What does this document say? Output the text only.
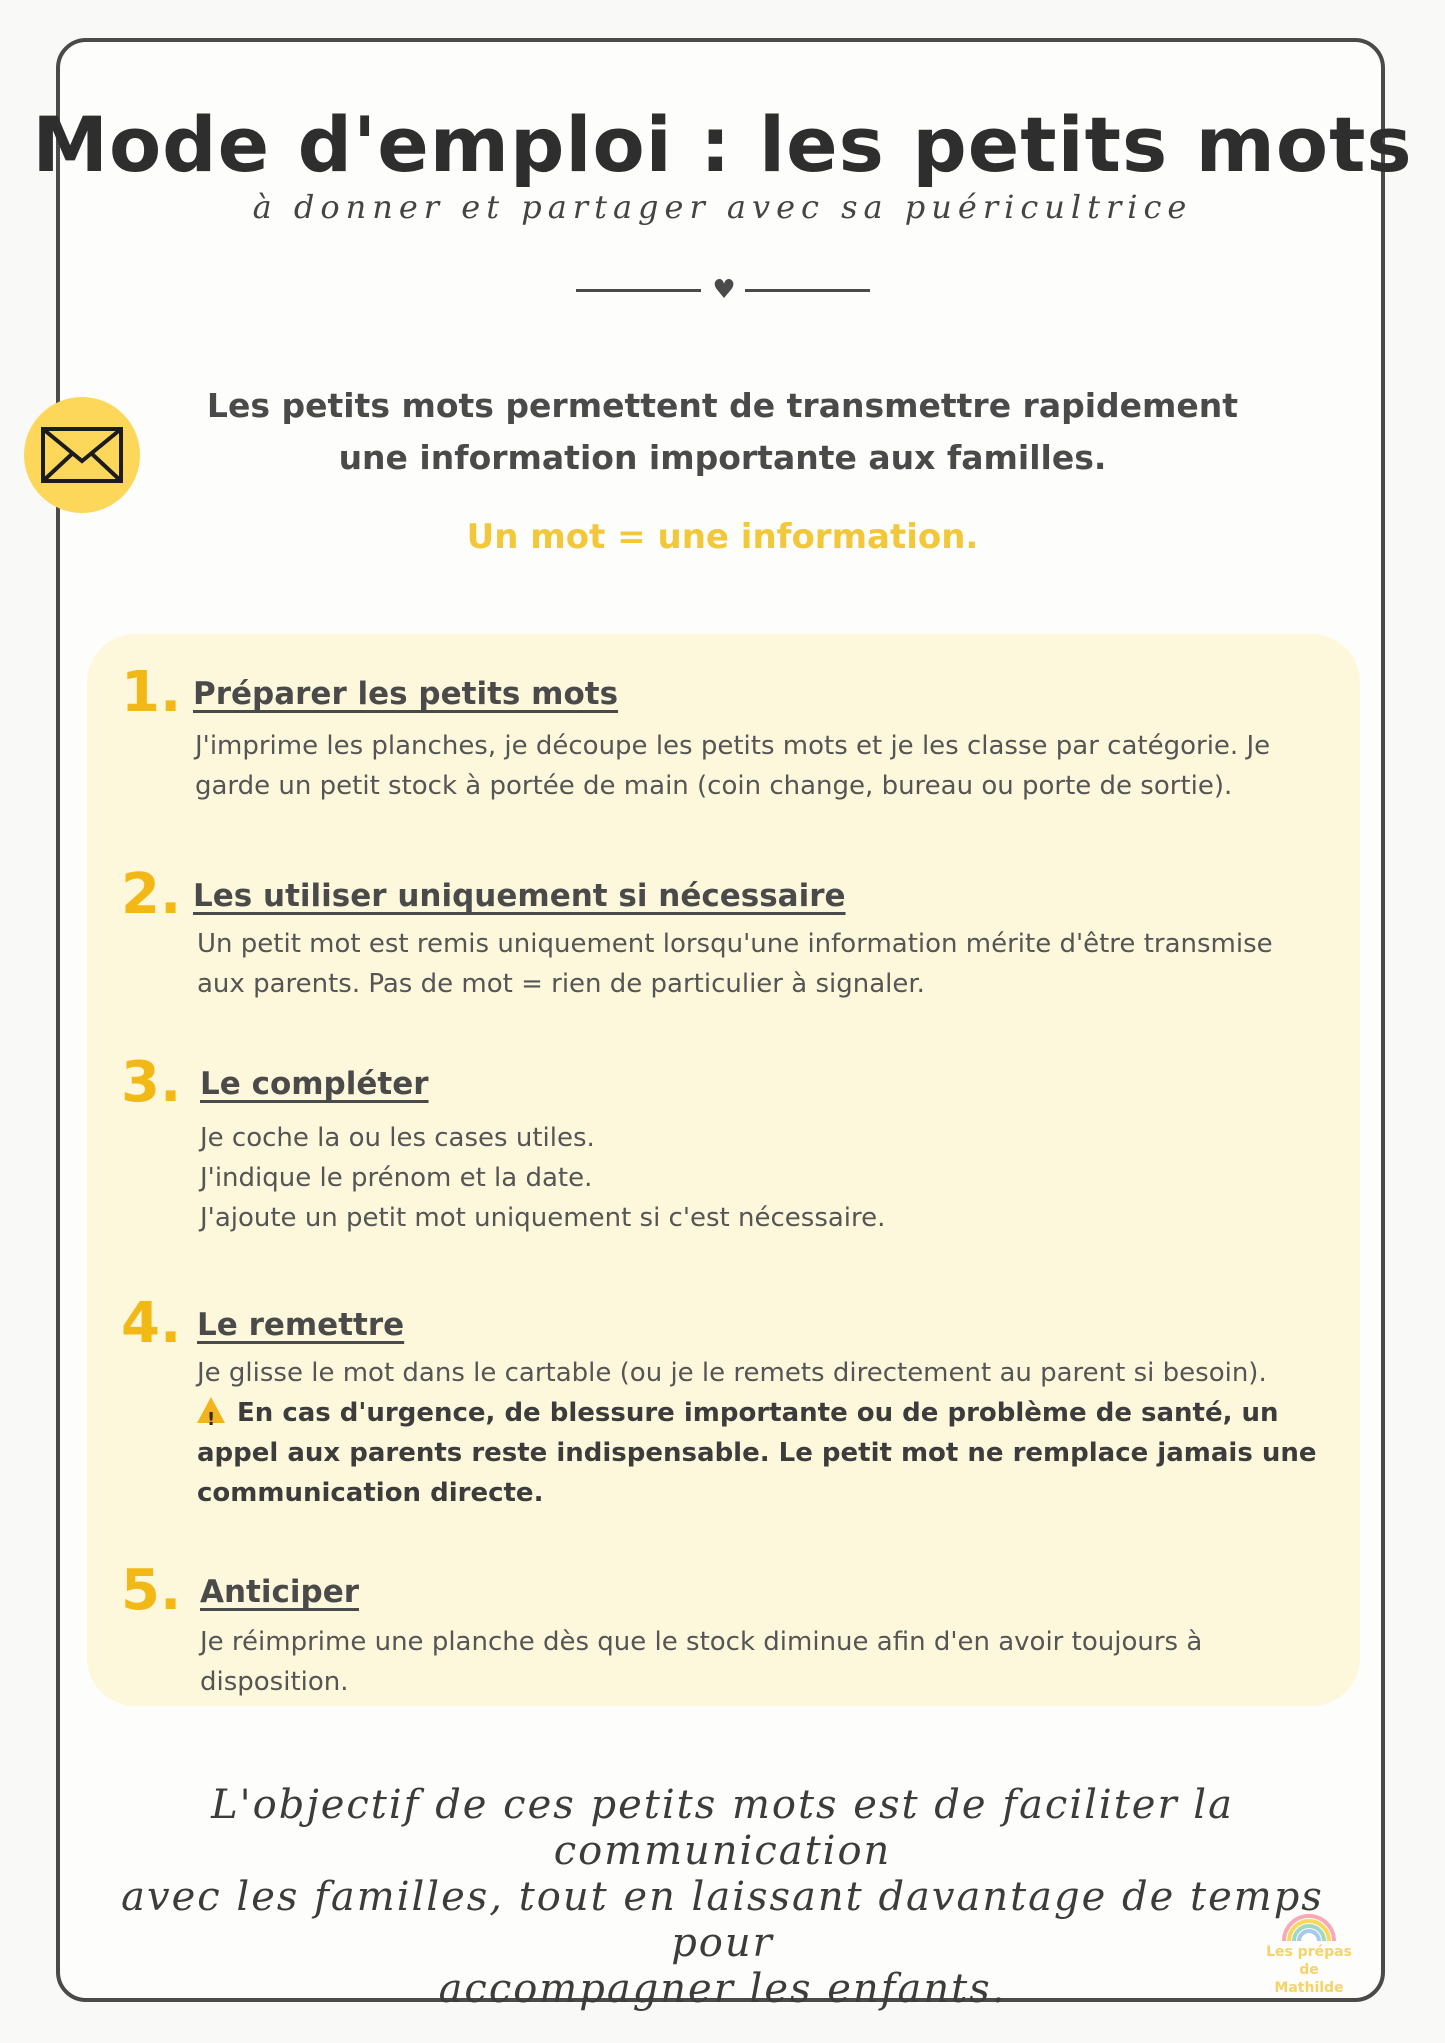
Mode d'emploi : les petits mots
à donner et partager avec sa puéricultrice
♥
Les petits mots permettent de transmettre rapidement
une information importante aux familles.
Un mot = une information.
1. Préparer les petits mots
J'imprime les planches, je découpe les petits mots et je les classe par catégorie. Je
garde un petit stock à portée de main (coin change, bureau ou porte de sortie).
2. Les utiliser uniquement si nécessaire
Un petit mot est remis uniquement lorsqu'une information mérite d'être transmise
aux parents. Pas de mot = rien de particulier à signaler.
3. Le compléter
Je coche la ou les cases utiles.
J'indique le prénom et la date.
J'ajoute un petit mot uniquement si c'est nécessaire.
4. Le remettre
Je glisse le mot dans le cartable (ou je le remets directement au parent si besoin).
!En cas d'urgence, de blessure importante ou de problème de santé, un
appel aux parents reste indispensable. Le petit mot ne remplace jamais une
communication directe.
5. Anticiper
Je réimprime une planche dès que le stock diminue afin d'en avoir toujours à
disposition.
L'objectif de ces petits mots est de faciliter la communication
avec les familles, tout en laissant davantage de temps pour
accompagner les enfants.
Les prépas de
Mathilde
